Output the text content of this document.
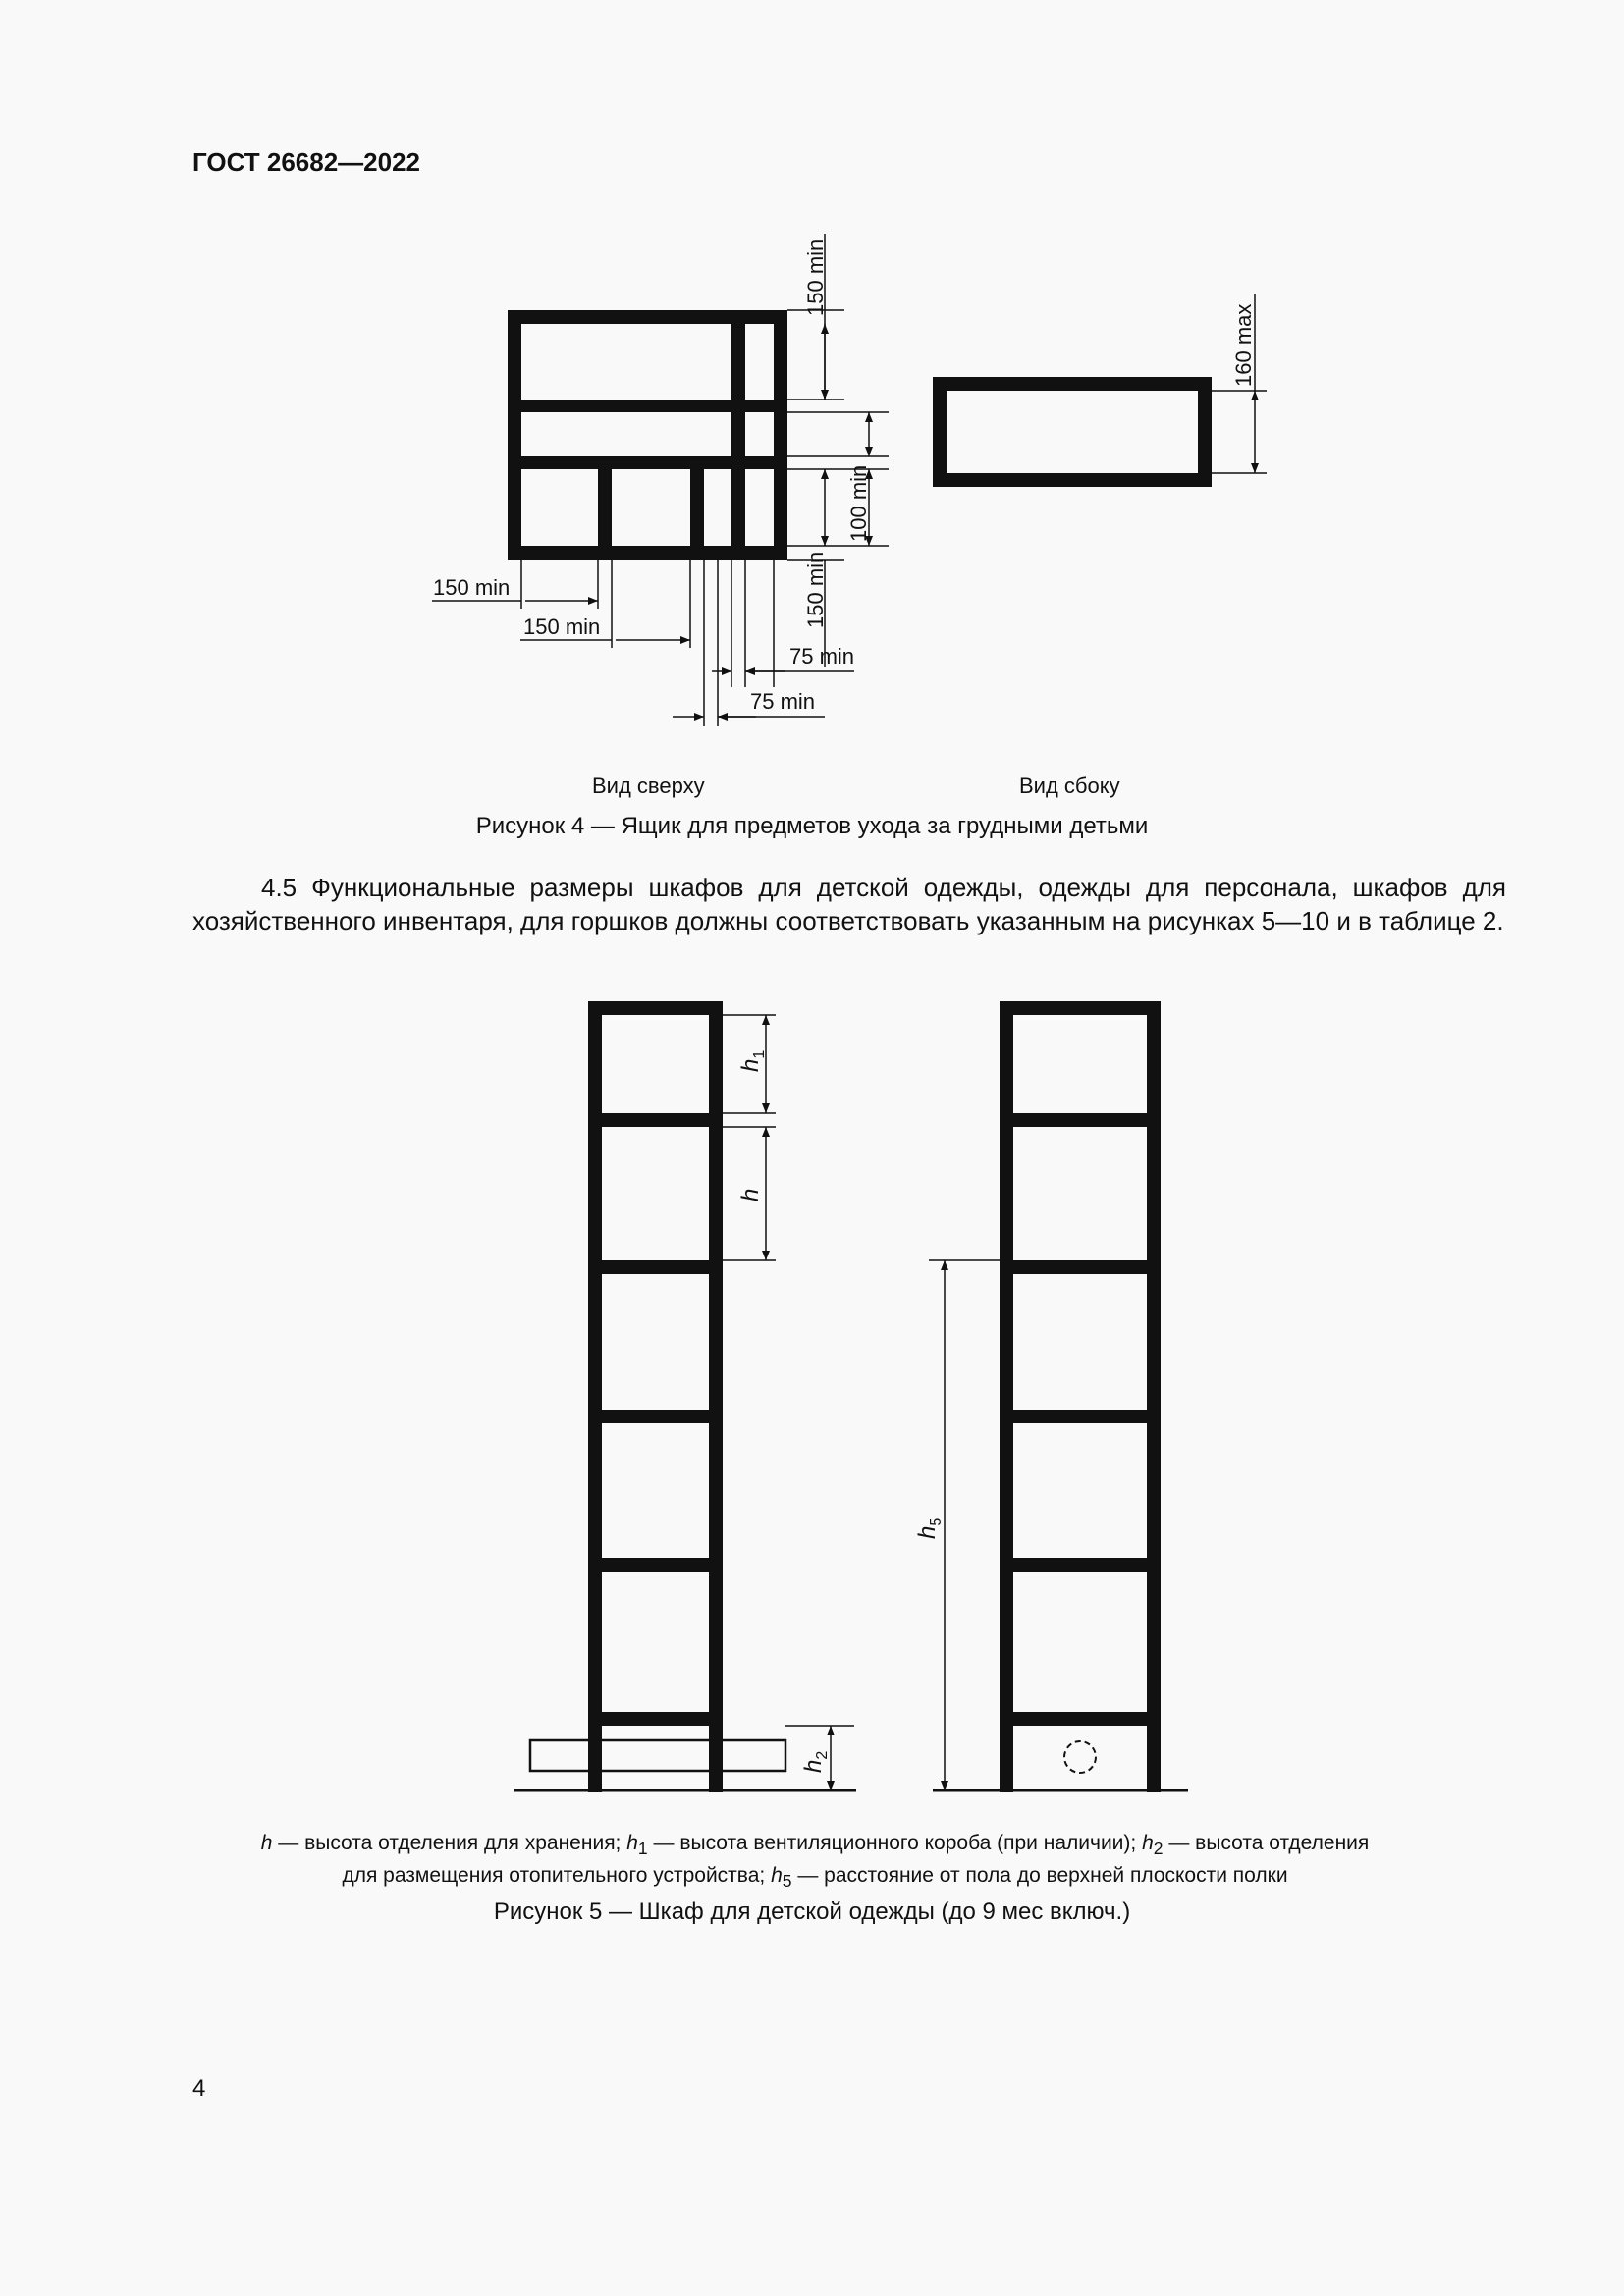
ГОСТ 26682—2022
150 min
100 min
150 min
150 min
150 min
75 min
75 min
160 max
Вид сверху	Вид сбоку
Рисунок 4 — Ящик для предметов ухода за грудными детьми
4.5 Функциональные размеры шкафов для детской одежды, одежды для персонала, шкафов для хозяйственного инвентаря, для горшков должны соответствовать указанным на рисунках 5—10 и в таблице 2.
$h_1$
h
$h_2$
$h_5$
h — высота отделения для хранения; $h_1$ — высота вентиляционного короба (при наличии); $h_2$ — высота отделения
для размещения отопительного устройства; $h_5$ — расстояние от пола до верхней плоскости полки
Рисунок 5 — Шкаф для детской одежды (до 9 мес включ.)
4
